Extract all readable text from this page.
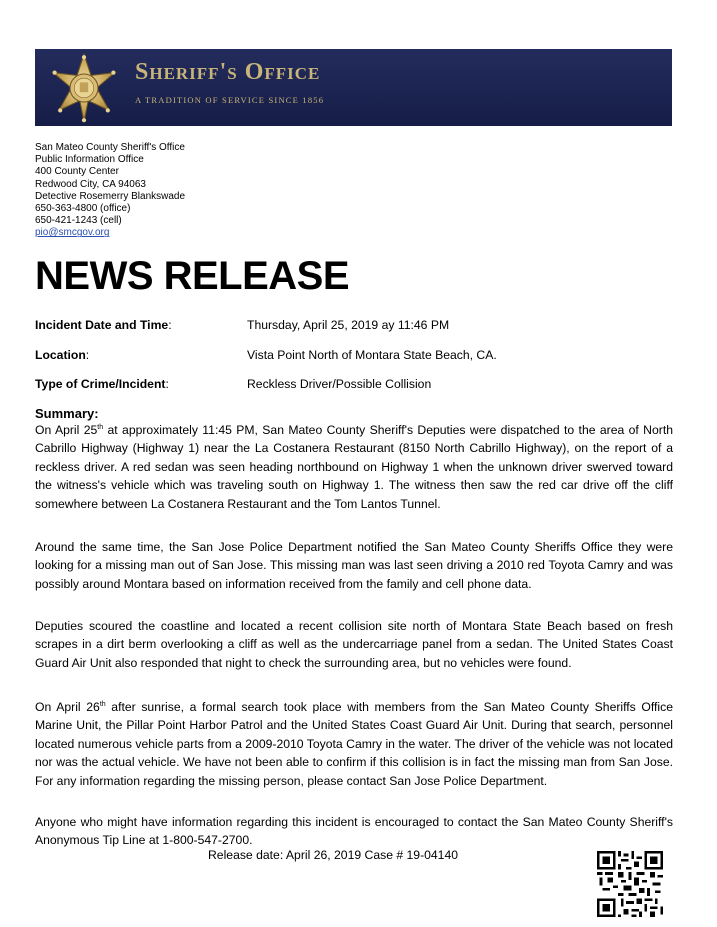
Sheriff's Office
A TRADITION OF SERVICE SINCE 1856
San Mateo County Sheriff's Office
Public Information Office
400 County Center
Redwood City, CA 94063
Detective Rosemerry Blankswade
650-363-4800 (office)
650-421-1243 (cell)
pio@smcgov.org
NEWS RELEASE
Incident Date and Time:	Thursday, April 25, 2019 ay 11:46 PM
Location:	Vista Point North of Montara State Beach, CA.
Type of Crime/Incident:	Reckless Driver/Possible Collision
Summary:
On April 25th at approximately 11:45 PM, San Mateo County Sheriff's Deputies were dispatched to the area of North Cabrillo Highway (Highway 1) near the La Costanera Restaurant (8150 North Cabrillo Highway), on the report of a reckless driver. A red sedan was seen heading northbound on Highway 1 when the unknown driver swerved toward the witness's vehicle which was traveling south on Highway 1. The witness then saw the red car drive off the cliff somewhere between La Costanera Restaurant and the Tom Lantos Tunnel.
Around the same time, the San Jose Police Department notified the San Mateo County Sheriffs Office they were looking for a missing man out of San Jose. This missing man was last seen driving a 2010 red Toyota Camry and was possibly around Montara based on information received from the family and cell phone data.
Deputies scoured the coastline and located a recent collision site north of Montara State Beach based on fresh scrapes in a dirt berm overlooking a cliff as well as the undercarriage panel from a sedan. The United States Coast Guard Air Unit also responded that night to check the surrounding area, but no vehicles were found.
On April 26th after sunrise, a formal search took place with members from the San Mateo County Sheriffs Office Marine Unit, the Pillar Point Harbor Patrol and the United States Coast Guard Air Unit. During that search, personnel located numerous vehicle parts from a 2009-2010 Toyota Camry in the water. The driver of the vehicle was not located nor was the actual vehicle. We have not been able to confirm if this collision is in fact the missing man from San Jose. For any information regarding the missing person, please contact San Jose Police Department.
Anyone who might have information regarding this incident is encouraged to contact the San Mateo County Sheriff's Anonymous Tip Line at 1-800-547-2700.
Release date: April 26, 2019 Case # 19-04140
